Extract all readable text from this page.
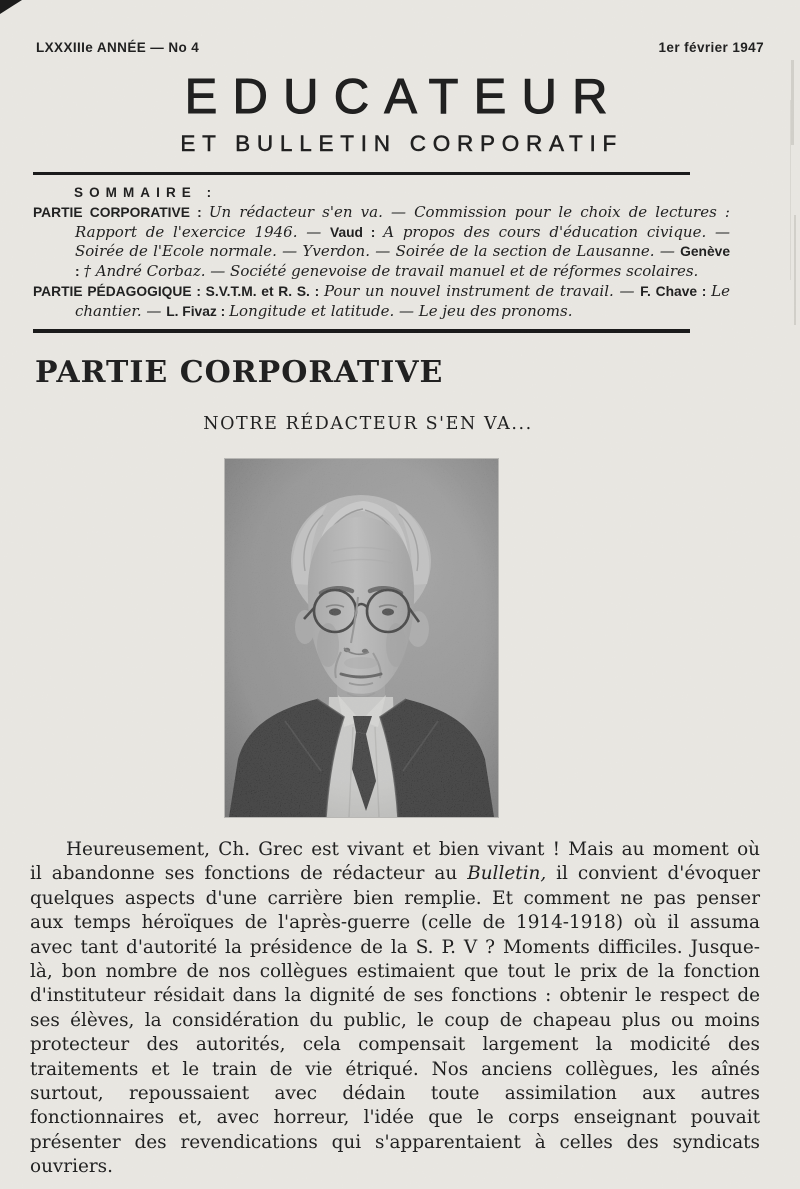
LXXXIIIe ANNÉE — No 4	1er février 1947
EDUCATEUR
ET BULLETIN CORPORATIF
SOMMAIRE :

PARTIE CORPORATIVE : Un rédacteur s'en va. — Commission pour le choix de lectures : Rapport de l'exercice 1946. — Vaud : A propos des cours d'éducation civique. — Soirée de l'Ecole normale. — Yverdon. — Soirée de la section de Lausanne. — Genève : † André Corbaz. — Société genevoise de travail manuel et de réformes scolaires.

PARTIE PÉDAGOGIQUE : S.V.T.M. et R. S. : Pour un nouvel instrument de travail. — F. Chave : Le chantier. — L. Fivaz : Longitude et latitude. — Le jeu des pronoms.

PARTIE CORPORATIVE
NOTRE RÉDACTEUR S'EN VA...

Heureusement, Ch. Grec est vivant et bien vivant ! Mais au moment où il abandonne ses fonctions de rédacteur au Bulletin, il convient d'évoquer quelques aspects d'une carrière bien remplie. Et comment ne pas penser aux temps héroïques de l'après-guerre (celle de 1914-1918) où il assuma avec tant d'autorité la présidence de la S. P. V ? Moments difficiles. Jusque-là, bon nombre de nos collègues estimaient que tout le prix de la fonction d'instituteur résidait dans la dignité de ses fonctions : obtenir le respect de ses élèves, la considération du public, le coup de chapeau plus ou moins protecteur des autorités, cela compensait largement la modicité des traitements et le train de vie étriqué. Nos anciens collègues, les aînés surtout, repoussaient avec dédain toute assimilation aux autres fonctionnaires et, avec horreur, l'idée que le corps enseignant pouvait présenter des revendications qui s'apparentaient à celles des syndicats ouvriers.
